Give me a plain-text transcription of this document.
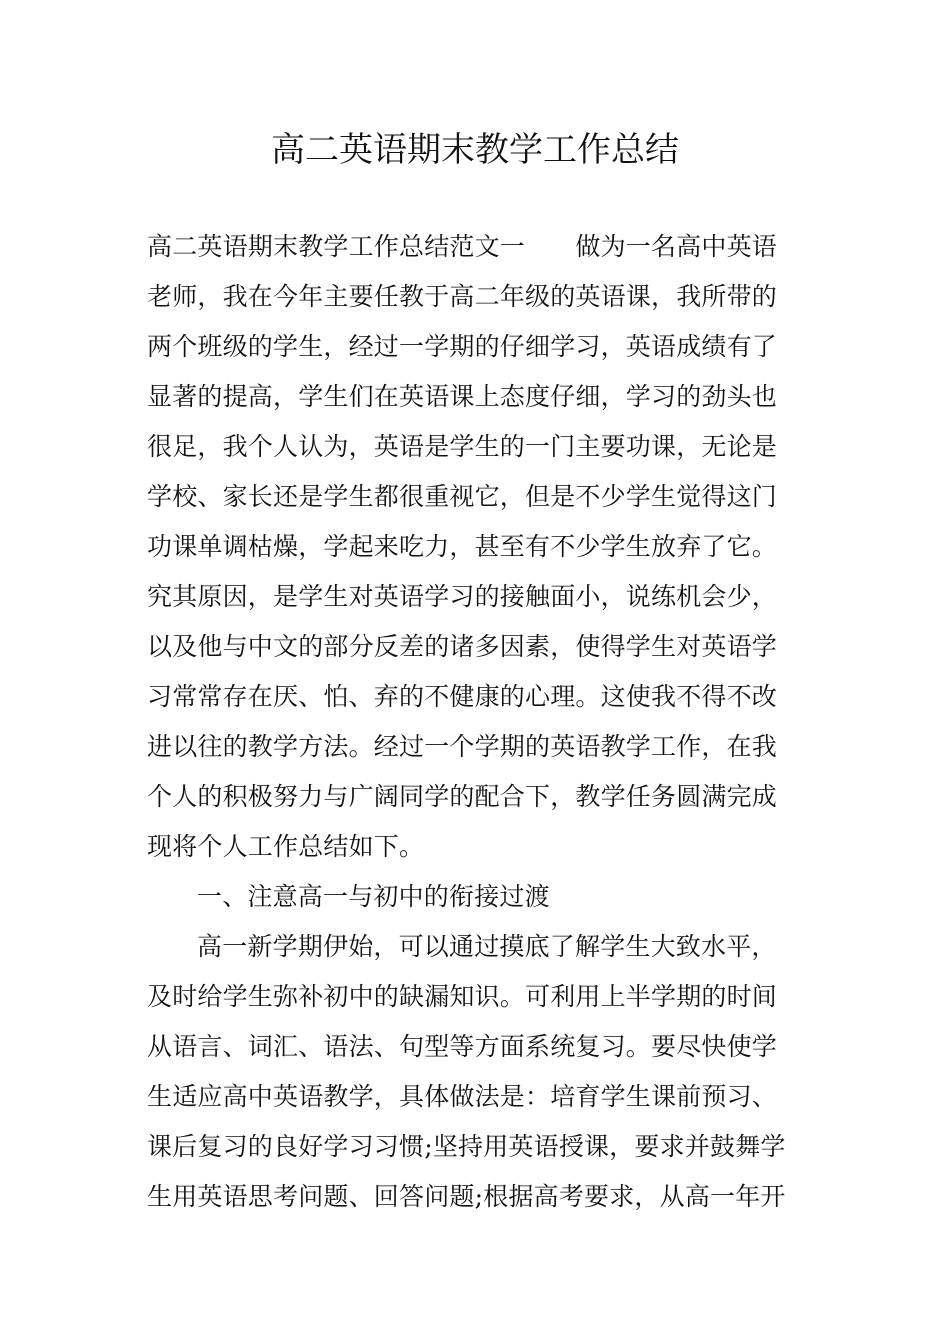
高二英语期末教学工作总结
高二英语期末教学工作总结范文一　　做为一名高中英语
老师，我在今年主要任教于高二年级的英语课，我所带的
两个班级的学生，经过一学期的仔细学习，英语成绩有了
显著的提高，学生们在英语课上态度仔细，学习的劲头也
很足，我个人认为，英语是学生的一门主要功课，无论是
学校、家长还是学生都很重视它，但是不少学生觉得这门
功课单调枯燥，学起来吃力，甚至有不少学生放弃了它。
究其原因，是学生对英语学习的接触面小，说练机会少，
以及他与中文的部分反差的诸多因素，使得学生对英语学
习常常存在厌、怕、弃的不健康的心理。这使我不得不改
进以往的教学方法。经过一个学期的英语教学工作，在我
个人的积极努力与广阔同学的配合下，教学任务圆满完成
现将个人工作总结如下。
一、注意高一与初中的衔接过渡
高一新学期伊始，可以通过摸底了解学生大致水平，
及时给学生弥补初中的缺漏知识。可利用上半学期的时间
从语言、词汇、语法、句型等方面系统复习。要尽快使学
生适应高中英语教学，具体做法是：培育学生课前预习、
课后复习的良好学习习惯;坚持用英语授课，要求并鼓舞学
生用英语思考问题、回答问题;根据高考要求，从高一年开
